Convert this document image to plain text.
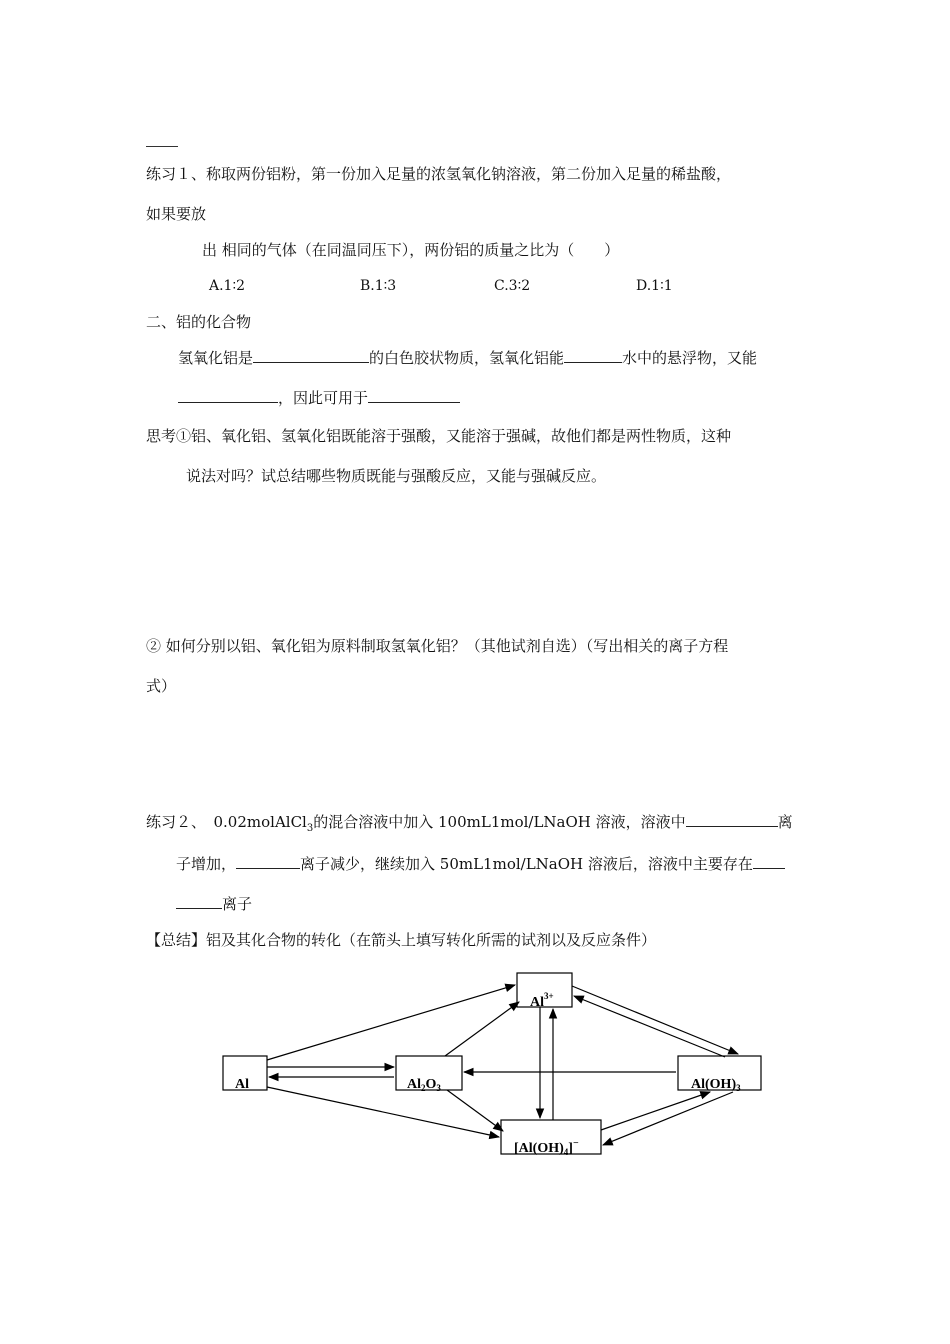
练习１、称取两份铝粉，第一份加入足量的浓氢氧化钠溶液，第二份加入足量的稀盐酸，
如果要放
出 相同的气体（在同温同压下），两份铝的质量之比为（　　）
A.1∶2	B.1∶3	C.3∶2	D.1∶1
二、铝的化合物
氢氧化铝是	的白色胶状物质，氢氧化铝能	水中的悬浮物，又能
，因此可用于
思考①铝、氧化铝、氢氧化铝既能溶于强酸，又能溶于强碱，故他们都是两性物质，这种
说法对吗？试总结哪些物质既能与强酸反应，又能与强碱反应。
② 如何分别以铝、氧化铝为原料制取氢氧化铝？（其他试剂自选）（写出相关的离子方程
式）
练习２、　0.02molAlCl$_3$的混合溶液中加入 100mL1mol/LNaOH 溶液，溶液中	离
子增加，	离子减少，继续加入 50mL1mol/LNaOH 溶液后，溶液中主要存在
离子
【总结】铝及其化合物的转化（在箭头上填写转化所需的试剂以及反应条件）
Al	$Al_2O_3$
$Al^{3+}$
$Al(OH)_3$
$[Al(OH)_4]^-$
